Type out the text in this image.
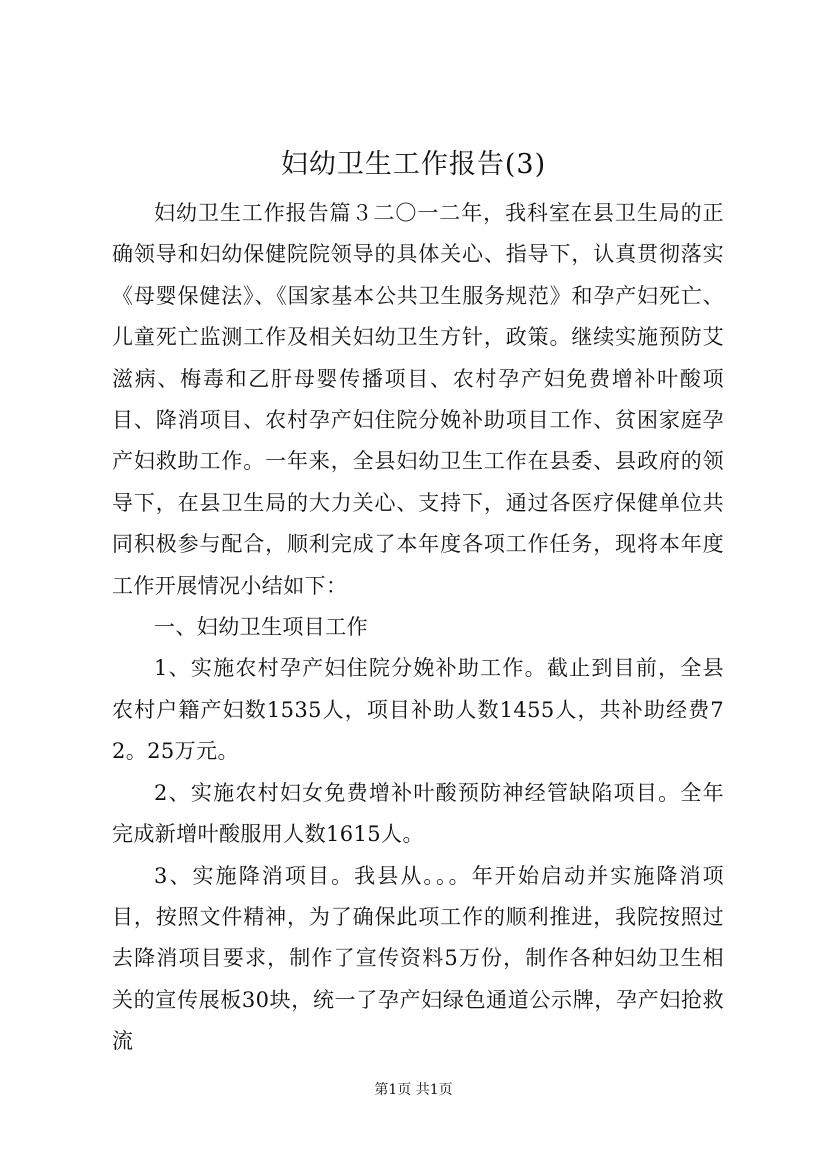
妇幼卫生工作报告(3)

妇幼卫生工作报告篇３二〇一二年，我科室在县卫生局的正确领导和妇幼保健院院领导的具体关心、指导下，认真贯彻落实《母婴保健法》、《国家基本公共卫生服务规范》和孕产妇死亡、儿童死亡监测工作及相关妇幼卫生方针，政策。继续实施预防艾滋病、梅毒和乙肝母婴传播项目、农村孕产妇免费增补叶酸项目、降消项目、农村孕产妇住院分娩补助项目工作、贫困家庭孕产妇救助工作。一年来，全县妇幼卫生工作在县委、县政府的领导下，在县卫生局的大力关心、支持下，通过各医疗保健单位共同积极参与配合，顺利完成了本年度各项工作任务，现将本年度工作开展情况小结如下：

一、妇幼卫生项目工作

1、实施农村孕产妇住院分娩补助工作。截止到目前，全县农村户籍产妇数1535人，项目补助人数1455人，共补助经费72。25万元。

2、实施农村妇女免费增补叶酸预防神经管缺陷项目。全年完成新增叶酸服用人数1615人。

3、实施降消项目。我县从。。。年开始启动并实施降消项目，按照文件精神，为了确保此项工作的顺利推进，我院按照过去降消项目要求，制作了宣传资料5万份，制作各种妇幼卫生相关的宣传展板30块，统一了孕产妇绿色通道公示牌，孕产妇抢救流

第1页 共1页
